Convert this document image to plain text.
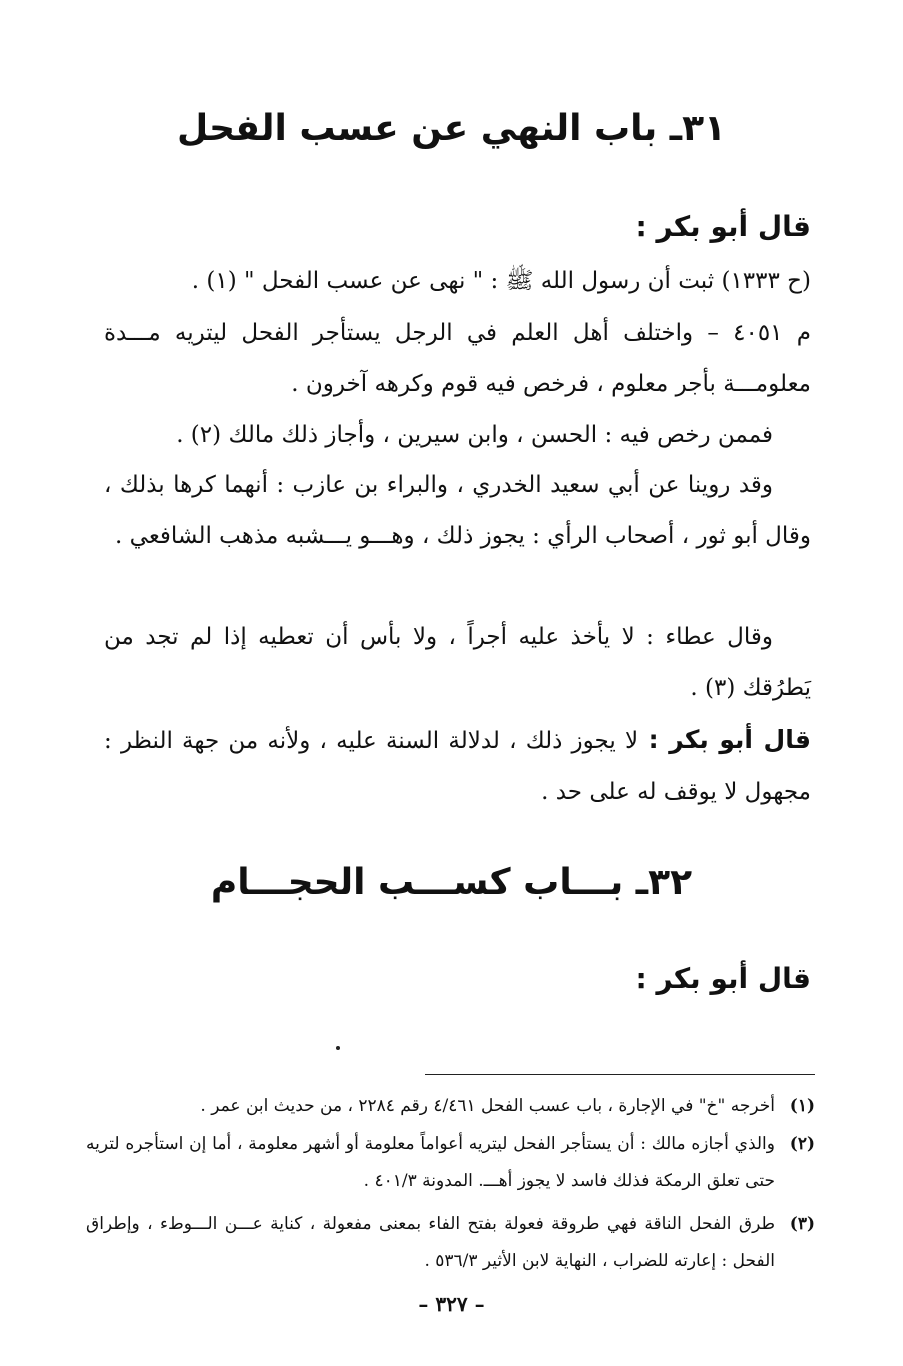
٣١ـ باب النهي عن عسب الفحل
قال أبو بكر :

(ح ١٣٣٣) ثبت أن رسول الله ﷺ : " نهى عن عسب الفحل " (١) .

م ٤٠٥١ – واختلف أهل العلم في الرجل يستأجر الفحل ليتريه مـــدة معلومـــة بأجر معلوم ، فرخص فيه قوم وكرهه آخرون .

فممن رخص فيه : الحسن ، وابن سيرين ، وأجاز ذلك مالك (٢) .

وقد روينا عن أبي سعيد الخدري ، والبراء بن عازب : أنهما كرها بذلك ، وقال أبو ثور ، أصحاب الرأي : يجوز ذلك ، وهـــو يـــشبه مذهب الشافعي .

وقال عطاء : لا يأخذ عليه أجراً ، ولا بأس أن تعطيه إذا لم تجد من يَطرُقك (٣) .

قال أبو بكر : لا يجوز ذلك ، لدلالة السنة عليه ، ولأنه من جهة النظر : مجهول لا يوقف له على حد .

٣٢ـ بـــاب كســـب الحجـــام
قال أبو بكر :

(١)
أخرجه "خ" في الإجارة ، باب عسب الفحل ٤/٤٦١ رقم ٢٢٨٤ ، من حديث ابن عمر .

(٢)
والذي أجازه مالك : أن يستأجر الفحل ليتريه أعواماً معلومة أو أشهر معلومة ، أما إن استأجره لتريه حتى تعلق الرمكة فذلك فاسد لا يجوز أهـــ. المدونة ٤٠١/٣ .

(٣)
طرق الفحل الناقة فهي طروقة فعولة بفتح الفاء بمعنى مفعولة ، كناية عـــن الـــوطء ، وإطراق الفحل : إعارته للضراب ، النهاية لابن الأثير ٥٣٦/٣ .

– ٣٢٧ –
